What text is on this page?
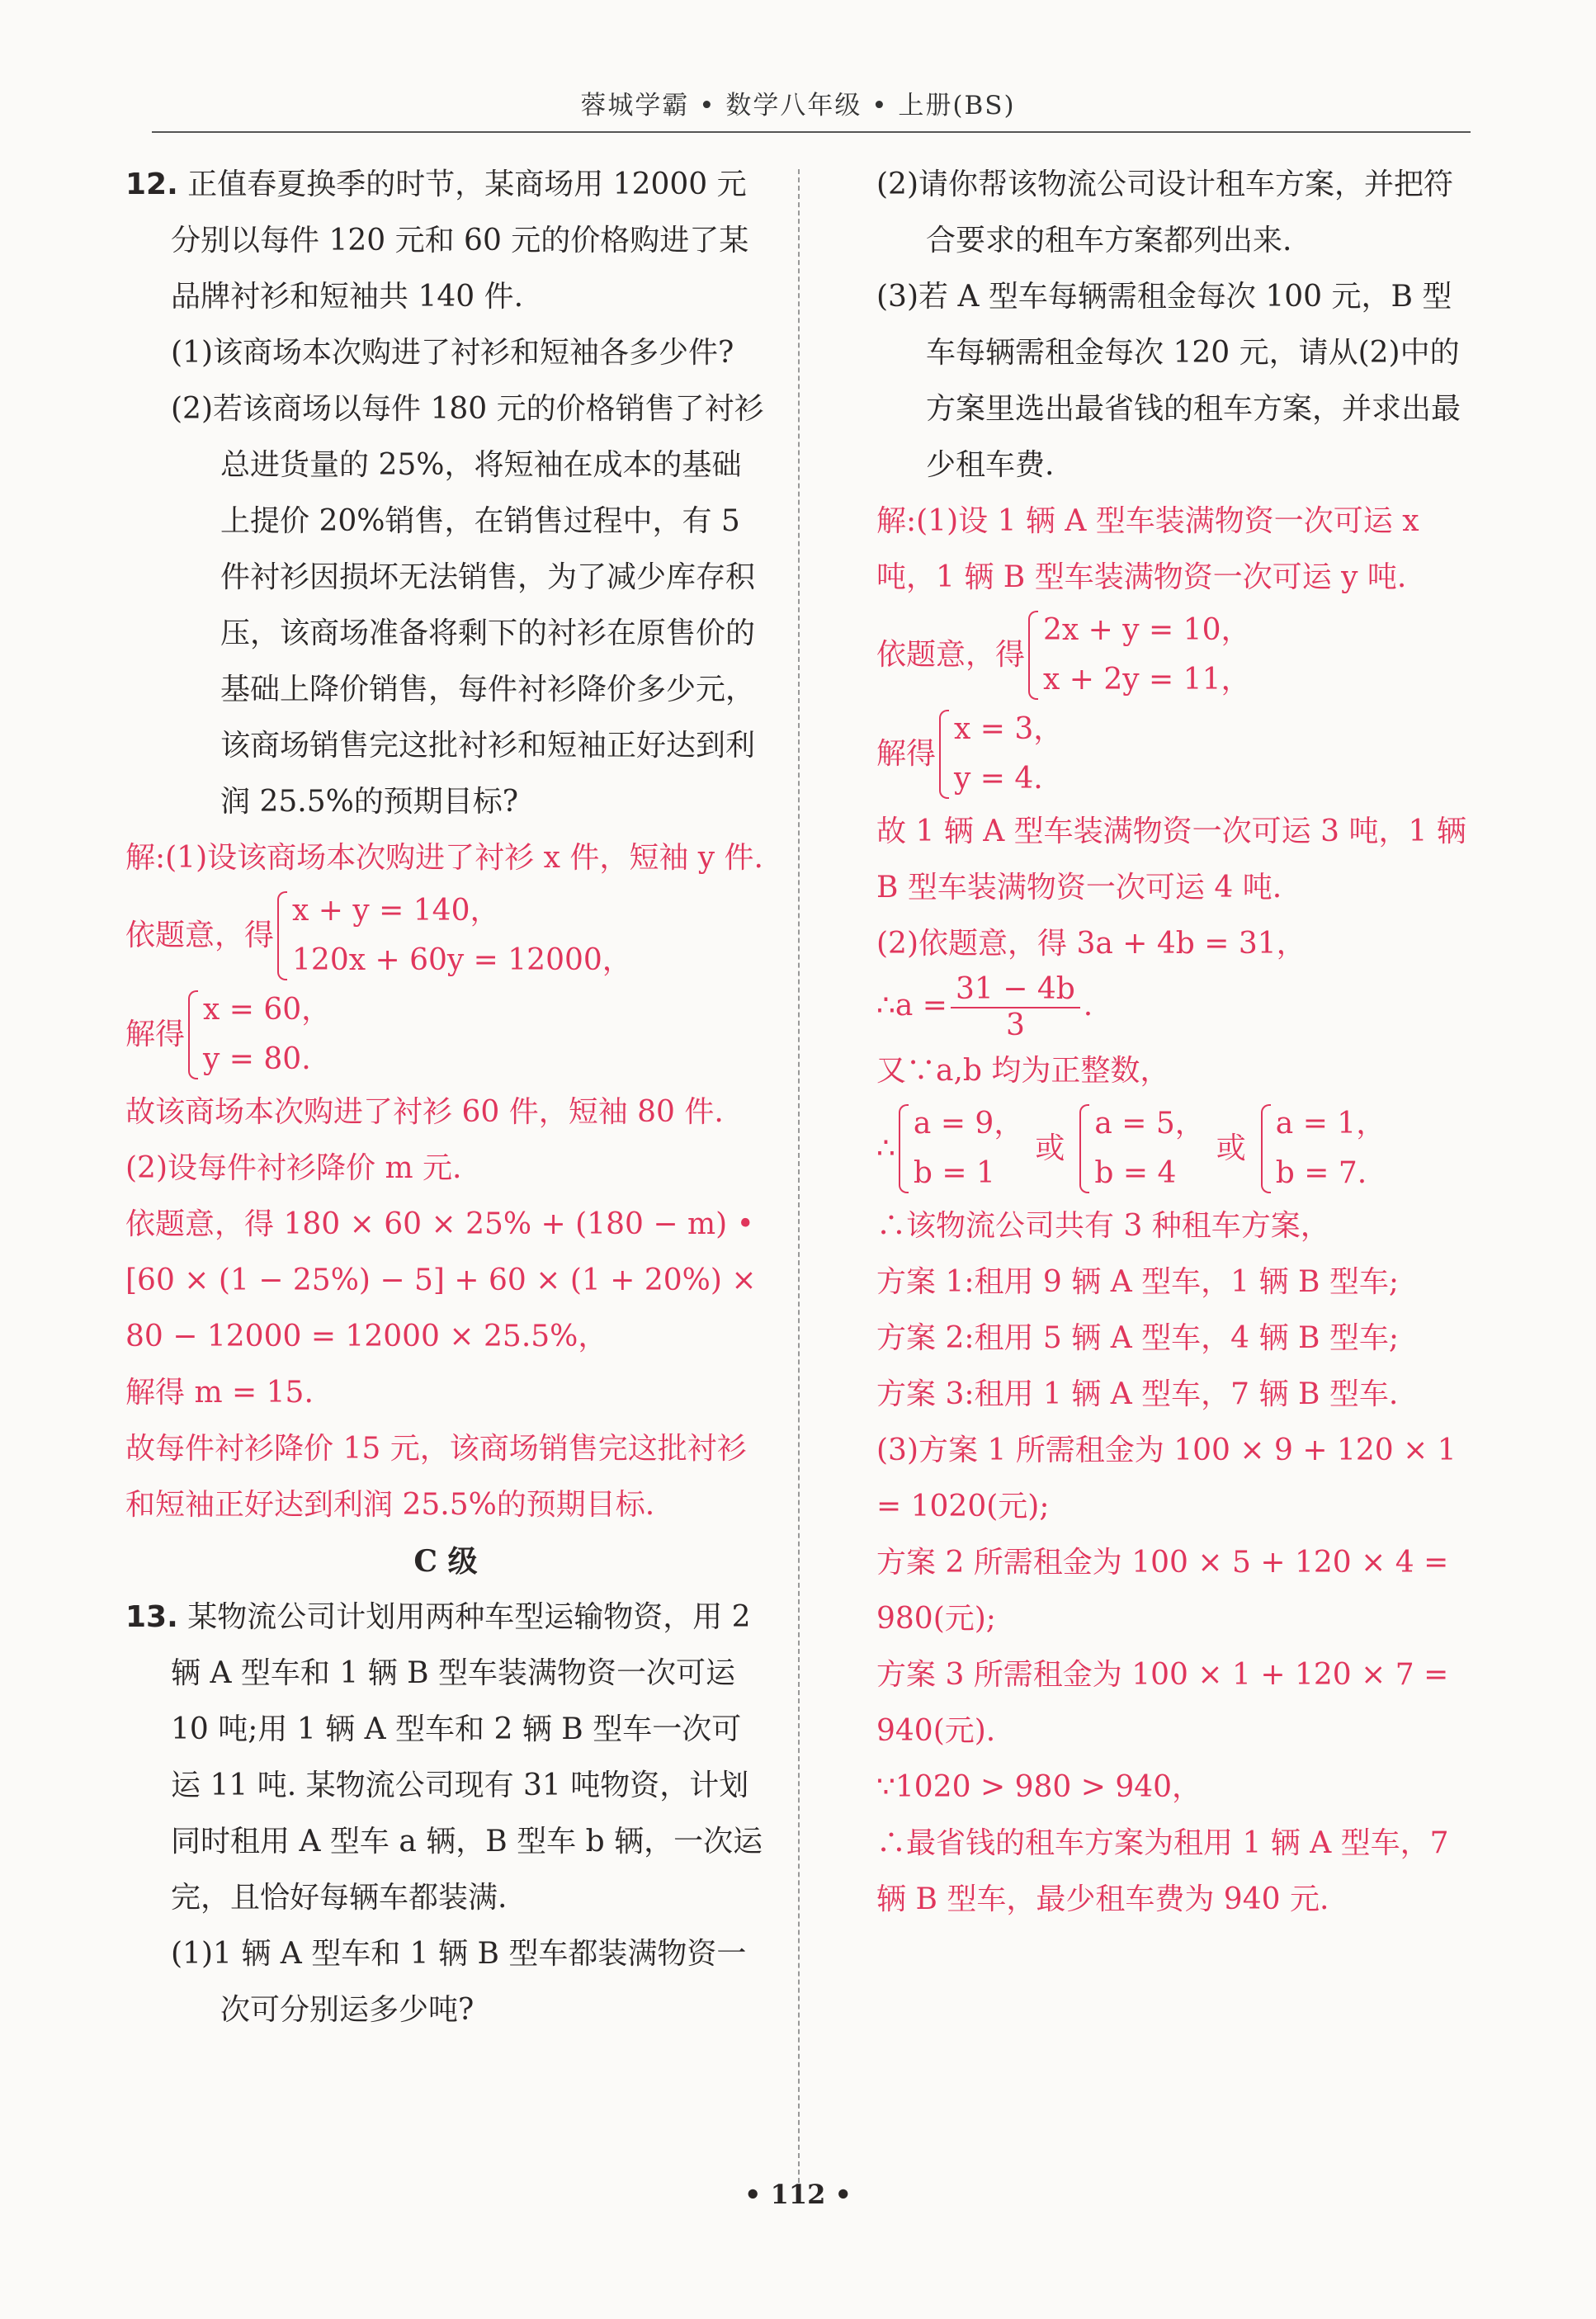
蓉城学霸 • 数学八年级 • 上册(BS)

12. 正值春夏换季的时节，某商场用 12000 元分别以每件 120 元和 60 元的价格购进了某品牌衬衫和短袖共 140 件.

(1)该商场本次购进了衬衫和短袖各多少件?

(2)若该商场以每件 180 元的价格销售了衬衫总进货量的 25%，将短袖在成本的基础上提价 20%销售，在销售过程中，有 5 件衬衫因损坏无法销售，为了减少库存积压，该商场准备将剩下的衬衫在原售价的基础上降价销售，每件衬衫降价多少元，该商场销售完这批衬衫和短袖正好达到利润 25.5%的预期目标?

解:(1)设该商场本次购进了衬衫 x 件，短袖 y 件.

依题意，得
x + y = 140，
120x + 60y = 12000，
解得
x = 60，
y = 80.

故该商场本次购进了衬衫 60 件，短袖 80 件.

(2)设每件衬衫降价 m 元.

依题意，得 180 × 60 × 25% + (180 − m) • [60 × (1 − 25%) − 5] + 60 × (1 + 20%) × 80 − 12000 = 12000 × 25.5%，

解得 m = 15.

故每件衬衫降价 15 元，该商场销售完这批衬衫和短袖正好达到利润 25.5%的预期目标.

C 级

13. 某物流公司计划用两种车型运输物资，用 2 辆 A 型车和 1 辆 B 型车装满物资一次可运 10 吨;用 1 辆 A 型车和 2 辆 B 型车一次可运 11 吨. 某物流公司现有 31 吨物资，计划同时租用 A 型车 a 辆，B 型车 b 辆，一次运完，且恰好每辆车都装满.

(1)1 辆 A 型车和 1 辆 B 型车都装满物资一次可分别运多少吨?

(2)请你帮该物流公司设计租车方案，并把符合要求的租车方案都列出来.

(3)若 A 型车每辆需租金每次 100 元，B 型车每辆需租金每次 120 元，请从(2)中的方案里选出最省钱的租车方案，并求出最少租车费.

解:(1)设 1 辆 A 型车装满物资一次可运 x 吨，1 辆 B 型车装满物资一次可运 y 吨.

依题意，得
2x + y = 10，
x + 2y = 11，
解得
x = 3，
y = 4.

故 1 辆 A 型车装满物资一次可运 3 吨，1 辆B 型车装满物资一次可运 4 吨.

(2)依题意，得 3a + 4b = 31，

∴a = $\frac{31 - 4b}{3}$ .

又∵a,b 均为正整数，

∴
a = 9，
b = 1
或
a = 5，
b = 4
或
a = 1，
b = 7.

∴该物流公司共有 3 种租车方案，

方案 1:租用 9 辆 A 型车，1 辆 B 型车;

方案 2:租用 5 辆 A 型车，4 辆 B 型车;

方案 3:租用 1 辆 A 型车，7 辆 B 型车.

(3)方案 1 所需租金为 100 × 9 + 120 × 1 = 1020(元);

方案 2 所需租金为 100 × 5 + 120 × 4 = 980(元);

方案 3 所需租金为 100 × 1 + 120 × 7 = 940(元).

∵1020 > 980 > 940，

∴最省钱的租车方案为租用 1 辆 A 型车，7 辆 B 型车，最少租车费为 940 元.

• 112 •
